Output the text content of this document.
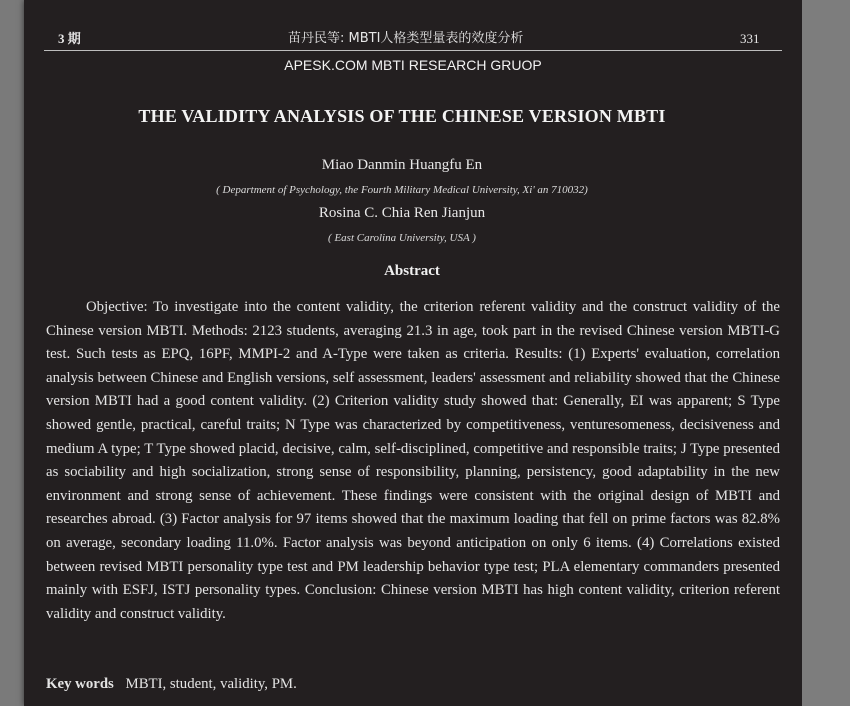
3 期	苗丹民等: MBTI人格类型量表的效度分析	331
APESK.COM MBTI RESEARCH GRUOP
THE VALIDITY ANALYSIS OF THE CHINESE VERSION MBTI
Miao Danmin Huangfu En
( Department of Psychology, the Fourth Military Medical University, Xi' an 710032)
Rosina C. Chia Ren Jianjun
( East Carolina University, USA )
Abstract
Objective: To investigate into the content validity, the criterion referent validity and the construct validity of the Chinese version MBTI. Methods: 2123 students, averaging 21.3 in age, took part in the revised Chinese version MBTI-G test. Such tests as EPQ, 16PF, MMPI-2 and A-Type were taken as criteria. Results: (1) Experts' evaluation, correlation analysis between Chinese and English versions, self assessment, leaders' assessment and reliability showed that the Chinese version MBTI had a good content validity. (2) Criterion validity study showed that: Generally, EI was apparent; S Type showed gentle, practical, careful traits; N Type was characterized by competitiveness, venturesomeness, decisiveness and medium A type; T Type showed placid, decisive, calm, self-disciplined, competitive and responsible traits; J Type presented as sociability and high socialization, strong sense of responsibility, planning, persistency, good adaptability in the new environment and strong sense of achievement. These findings were consistent with the original design of MBTI and researches abroad. (3) Factor analysis for 97 items showed that the maximum loading that fell on prime factors was 82.8% on average, secondary loading 11.0%. Factor analysis was beyond anticipation on only 6 items. (4) Correlations existed between revised MBTI personality type test and PM leadership behavior type test; PLA elementary commanders presented mainly with ESFJ, ISTJ personality types. Conclusion: Chinese version MBTI has high content validity, criterion referent validity and construct validity.
Key words MBTI, student, validity, PM.
